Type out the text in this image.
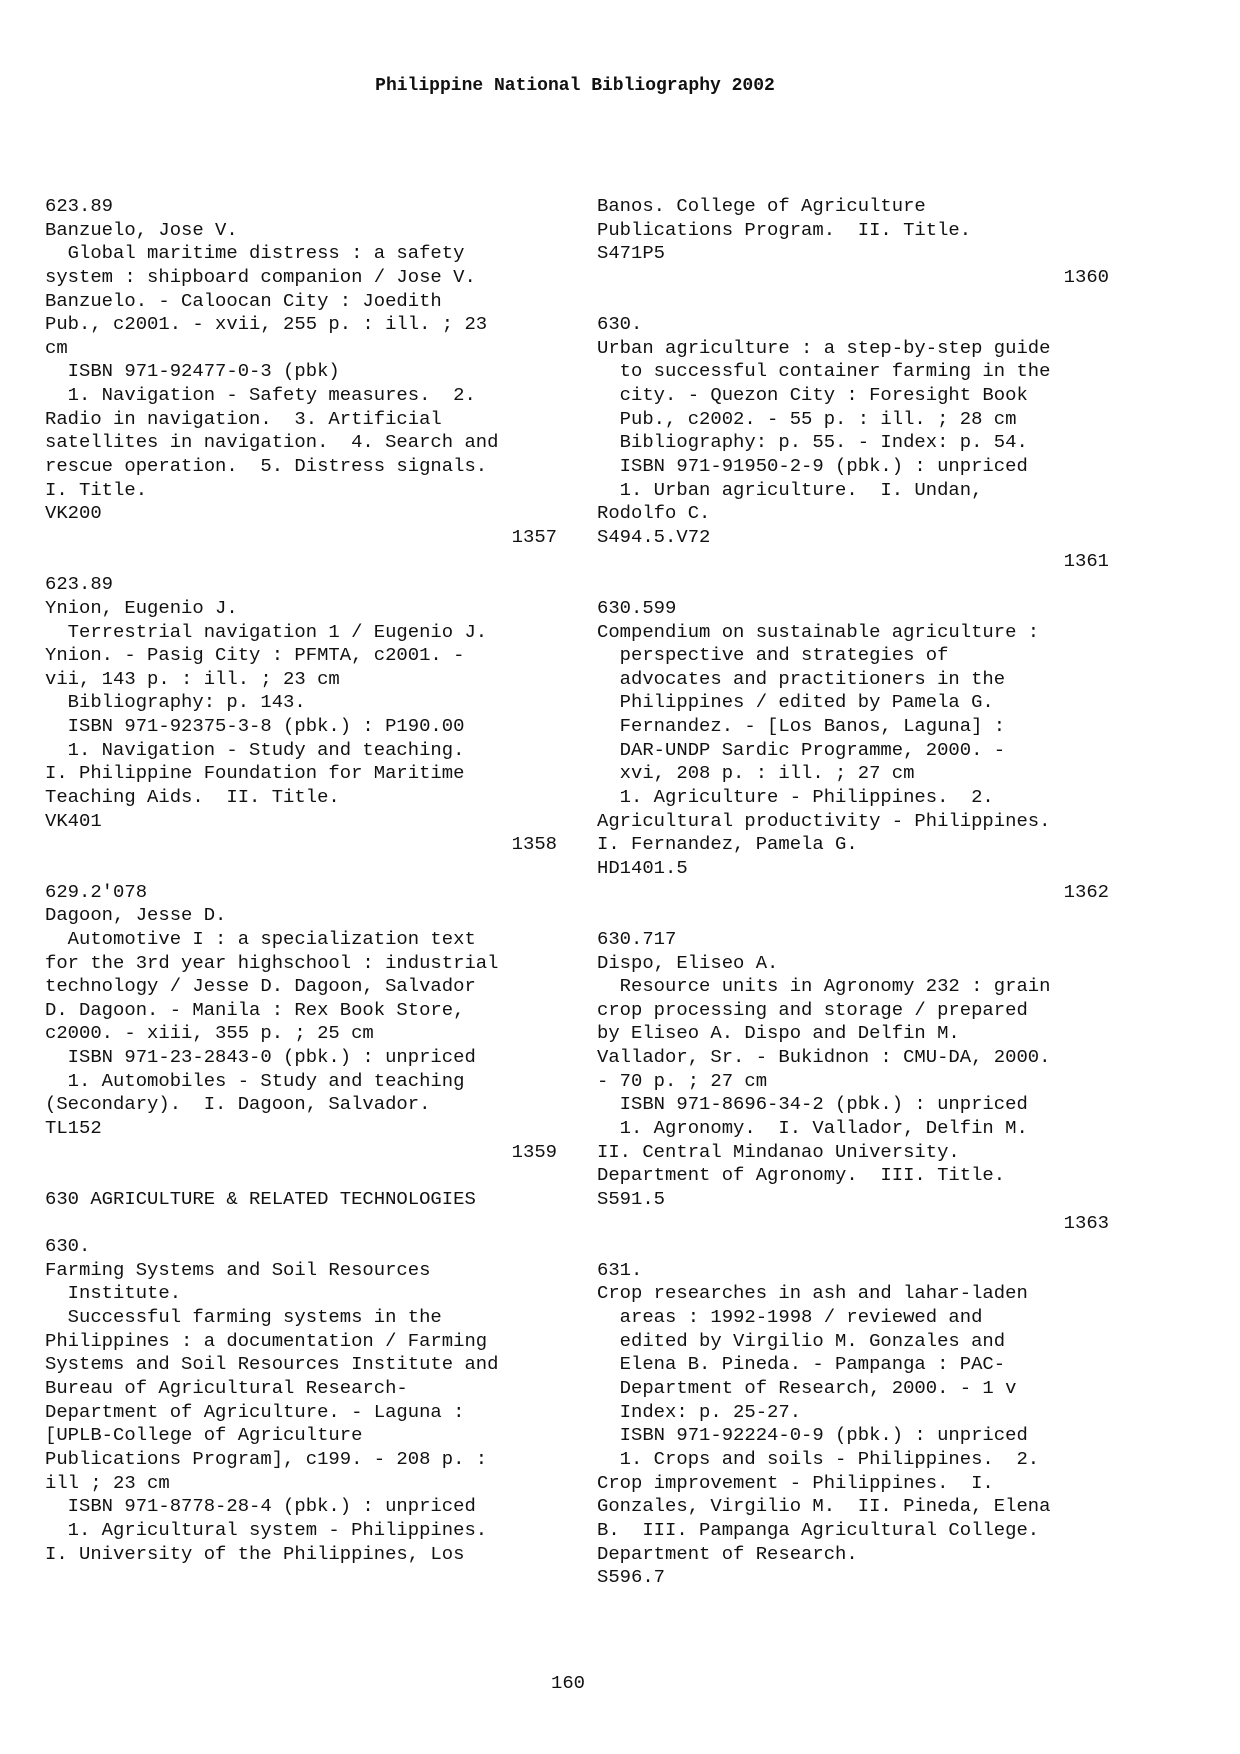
Philippine National Bibliography 2002
623.89
Banzuelo, Jose V.
Global maritime distress : a safety
system : shipboard companion / Jose V.
Banzuelo. - Caloocan City : Joedith
Pub., c2001. - xvii, 255 p. : ill. ; 23
cm
ISBN 971-92477-0-3 (pbk)
1. Navigation - Safety measures.  2.
Radio in navigation.  3. Artificial
satellites in navigation.  4. Search and
rescue operation.  5. Distress signals.
I. Title.
VK200
1357
623.89
Ynion, Eugenio J.
Terrestrial navigation 1 / Eugenio J.
Ynion. - Pasig City : PFMTA, c2001. -
vii, 143 p. : ill. ; 23 cm
Bibliography: p. 143.
ISBN 971-92375-3-8 (pbk.) : P190.00
1. Navigation - Study and teaching.
I. Philippine Foundation for Maritime
Teaching Aids.  II. Title.
VK401
1358
629.2'078
Dagoon, Jesse D.
Automotive I : a specialization text
for the 3rd year highschool : industrial
technology / Jesse D. Dagoon, Salvador
D. Dagoon. - Manila : Rex Book Store,
c2000. - xiii, 355 p. ; 25 cm
ISBN 971-23-2843-0 (pbk.) : unpriced
1. Automobiles - Study and teaching
(Secondary).  I. Dagoon, Salvador.
TL152
1359
630 AGRICULTURE & RELATED TECHNOLOGIES
630.
Farming Systems and Soil Resources
Institute.
Successful farming systems in the
Philippines : a documentation / Farming
Systems and Soil Resources Institute and
Bureau of Agricultural Research-
Department of Agriculture. - Laguna :
[UPLB-College of Agriculture
Publications Program], c199. - 208 p. :
ill ; 23 cm
ISBN 971-8778-28-4 (pbk.) : unpriced
1. Agricultural system - Philippines.
I. University of the Philippines, Los
Banos. College of Agriculture
Publications Program.  II. Title.
S471P5
1360
630.
Urban agriculture : a step-by-step guide
to successful container farming in the
city. - Quezon City : Foresight Book
Pub., c2002. - 55 p. : ill. ; 28 cm
Bibliography: p. 55. - Index: p. 54.
ISBN 971-91950-2-9 (pbk.) : unpriced
1. Urban agriculture.  I. Undan,
Rodolfo C.
S494.5.V72
1361
630.599
Compendium on sustainable agriculture :
perspective and strategies of
advocates and practitioners in the
Philippines / edited by Pamela G.
Fernandez. - [Los Banos, Laguna] :
DAR-UNDP Sardic Programme, 2000. -
xvi, 208 p. : ill. ; 27 cm
1. Agriculture - Philippines.  2.
Agricultural productivity - Philippines.
I. Fernandez, Pamela G.
HD1401.5
1362
630.717
Dispo, Eliseo A.
Resource units in Agronomy 232 : grain
crop processing and storage / prepared
by Eliseo A. Dispo and Delfin M.
Vallador, Sr. - Bukidnon : CMU-DA, 2000.
- 70 p. ; 27 cm
ISBN 971-8696-34-2 (pbk.) : unpriced
1. Agronomy.  I. Vallador, Delfin M.
II. Central Mindanao University.
Department of Agronomy.  III. Title.
S591.5
1363
631.
Crop researches in ash and lahar-laden
areas : 1992-1998 / reviewed and
edited by Virgilio M. Gonzales and
Elena B. Pineda. - Pampanga : PAC-
Department of Research, 2000. - 1 v
Index: p. 25-27.
ISBN 971-92224-0-9 (pbk.) : unpriced
1. Crops and soils - Philippines.  2.
Crop improvement - Philippines.  I.
Gonzales, Virgilio M.  II. Pineda, Elena
B.  III. Pampanga Agricultural College.
Department of Research.
S596.7
160
